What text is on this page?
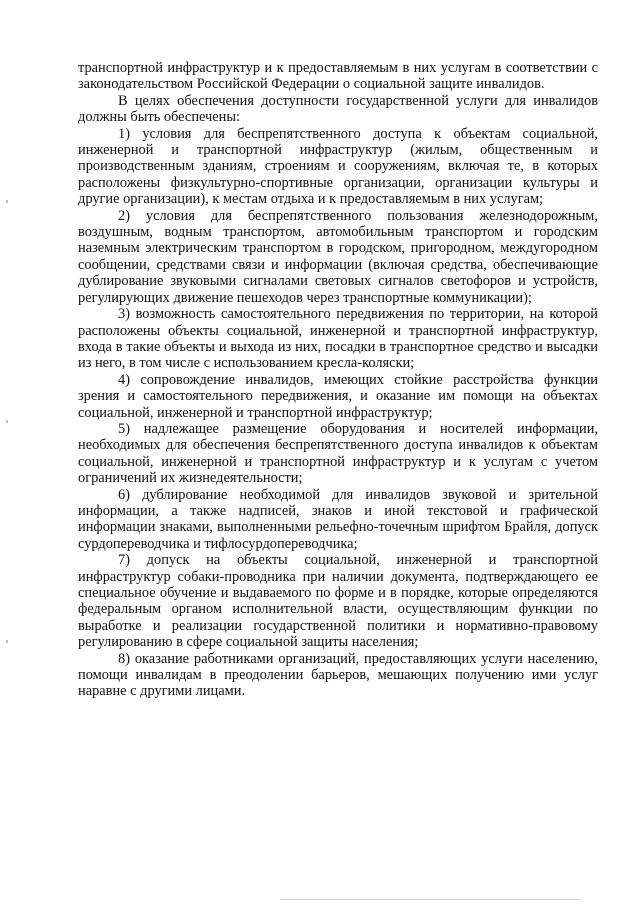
транспортной инфраструктур и к предоставляемым в них услугам в соответствии с законодательством Российской Федерации о социальной защите инвалидов.

В целях обеспечения доступности государственной услуги для инвалидов должны быть обеспечены:

1) условия для беспрепятственного доступа к объектам социальной, инженерной и транспортной инфраструктур (жилым, общественным и производственным зданиям, строениям и сооружениям, включая те, в которых расположены физкультурно-спортивные организации, организации культуры и другие организации), к местам отдыха и к предоставляемым в них услугам;

2) условия для беспрепятственного пользования железнодорожным, воздушным, водным транспортом, автомобильным транспортом и городским наземным электрическим транспортом в городском, пригородном, междугородном сообщении, средствами связи и информации (включая средства, обеспечивающие дублирование звуковыми сигналами световых сигналов светофоров и устройств, регулирующих движение пешеходов через транспортные коммуникации);

3) возможность самостоятельного передвижения по территории, на которой расположены объекты социальной, инженерной и транспортной инфраструктур, входа в такие объекты и выхода из них, посадки в транспортное средство и высадки из него, в том числе с использованием кресла-коляски;

4) сопровождение инвалидов, имеющих стойкие расстройства функции зрения и самостоятельного передвижения, и оказание им помощи на объектах социальной, инженерной и транспортной инфраструктур;

5) надлежащее размещение оборудования и носителей информации, необходимых для обеспечения беспрепятственного доступа инвалидов к объектам социальной, инженерной и транспортной инфраструктур и к услугам с учетом ограничений их жизнедеятельности;

6) дублирование необходимой для инвалидов звуковой и зрительной информации, а также надписей, знаков и иной текстовой и графической информации знаками, выполненными рельефно-точечным шрифтом Брайля, допуск сурдопереводчика и тифлосурдопереводчика;

7) допуск на объекты социальной, инженерной и транспортной инфраструктур собаки-проводника при наличии документа, подтверждающего ее специальное обучение и выдаваемого по форме и в порядке, которые определяются федеральным органом исполнительной власти, осуществляющим функции по выработке и реализации государственной политики и нормативно-правовому регулированию в сфере социальной защиты населения;

8) оказание работниками организаций, предоставляющих услуги населению, помощи инвалидам в преодолении барьеров, мешающих получению ими услуг наравне с другими лицами.
